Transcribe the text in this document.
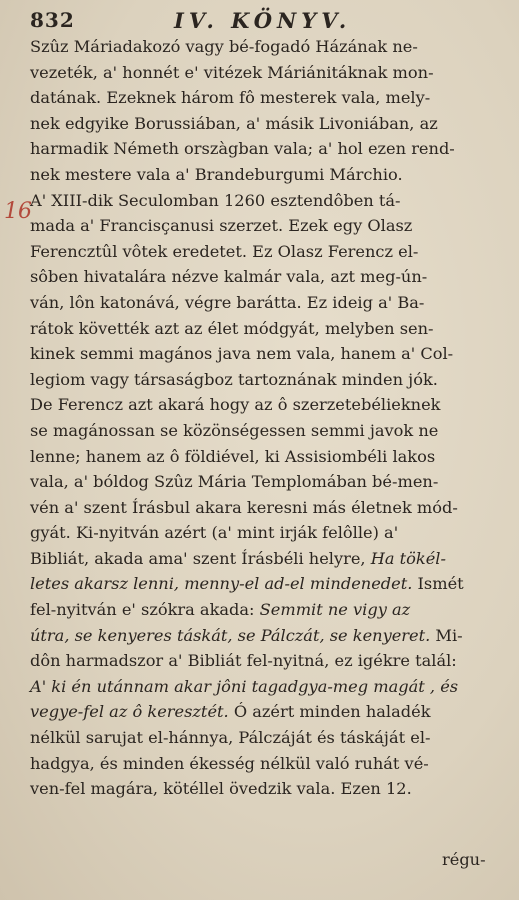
832	IV. KÖNYV.
16
Szûz Máriadakozó vagy bé-fogadó Házának ne-
vezeték, a' honnét e' vitézek Máriánitáknak mon-
datának. Ezeknek három fô mesterek vala, mely-
nek edgyike Borussiában, a' másik Livoniában, az
harmadik Németh orszàgban vala; a' hol ezen rend-
nek mestere vala a' Brandeburgumi Márchio.
A' XIII-dik Seculomban 1260 esztendôben tá-
mada a' Francisçanusi szerzet. Ezek egy Olasz
Ferencztûl vôtek eredetet. Ez Olasz Ferencz el-
sôben hivatalára nézve kalmár vala, azt meg-ún-
ván, lôn katonává, végre barátta. Ez ideig a' Ba-
rátok követték azt az élet módgyát, melyben sen-
kinek semmi magános java nem vala, hanem a' Col-
legiom vagy társaságboz tartoznának minden jók.
De Ferencz azt akará hogy az ô szerzetebélieknek
se magánossan se közönségessen semmi javok ne
lenne; hanem az ô földiével, ki Assisiombéli lakos
vala, a' bóldog Szûz Mária Templomában bé-men-
vén a' szent Írásbul akara keresni más életnek mód-
gyát. Ki-nyitván azért (a' mint irják felôlle) a'
Bibliát, akada ama' szent Írásbéli helyre, Ha tökél-
letes akarsz lenni, menny-el ad-el mindenedet. Ismét
fel-nyitván e' szókra akada: Semmit ne vigy az
útra, se kenyeres táskát, se Pálczát, se kenyeret. Mi-
dôn harmadszor a' Bibliát fel-nyitná, ez igékre talál:
A' ki én utánnam akar jôni tagadgya-meg magát , és
vegye-fel az ô keresztét. Ó azért minden haladék
nélkül sarujat el-hánnya, Pálczáját és táskáját el-
hadgya, és minden ékesség nélkül való ruhát vé-
ven-fel magára, kötéllel övedzik vala. Ezen 12.
régu-
